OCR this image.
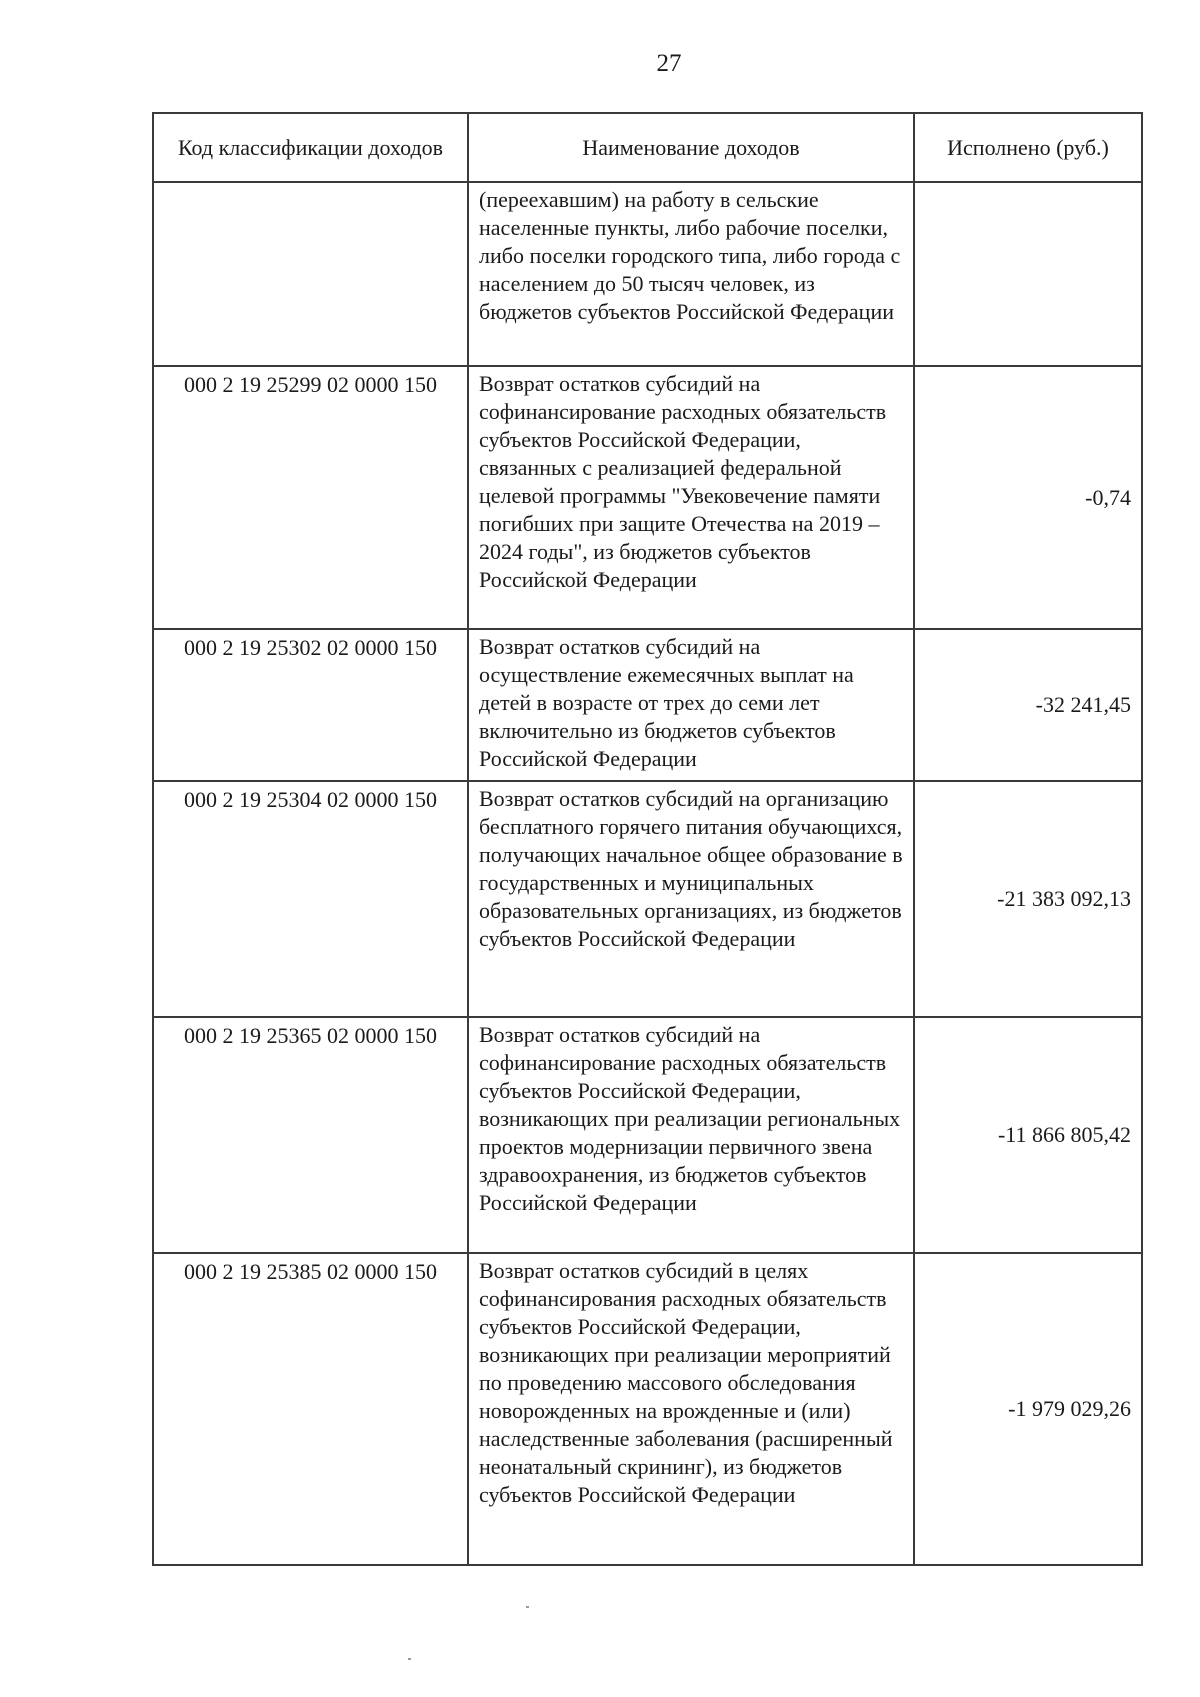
27
Код классификации доходов	Наименование доходов	Исполнено (руб.)
	(переехавшим) на работу в сельские населенные пункты, либо рабочие поселки, либо поселки городского типа, либо города с населением до 50 тысяч человек, из бюджетов субъектов Российской Федерации	
000 2 19 25299 02 0000 150	Возврат остатков субсидий на софинансирование расходных обязательств субъектов Российской Федерации, связанных с реализацией федеральной целевой программы "Увековечение памяти погибших при защите Отечества на 2019 – 2024 годы", из бюджетов субъектов Российской Федерации	-0,74
000 2 19 25302 02 0000 150	Возврат остатков субсидий на осуществление ежемесячных выплат на детей в возрасте от трех до семи лет включительно из бюджетов субъектов Российской Федерации	-32 241,45
000 2 19 25304 02 0000 150	Возврат остатков субсидий на организацию бесплатного горячего питания обучающихся, получающих начальное общее образование в государственных и муниципальных образовательных организациях, из бюджетов субъектов Российской Федерации	-21 383 092,13
000 2 19 25365 02 0000 150	Возврат остатков субсидий на софинансирование расходных обязательств субъектов Российской Федерации, возникающих при реализации региональных проектов модернизации первичного звена здравоохранения, из бюджетов субъектов Российской Федерации	-11 866 805,42
000 2 19 25385 02 0000 150	Возврат остатков субсидий в целях софинансирования расходных обязательств субъектов Российской Федерации, возникающих при реализации мероприятий по проведению массового обследования новорожденных на врожденные и (или) наследственные заболевания (расширенный неонатальный скрининг), из бюджетов субъектов Российской Федерации	-1 979 029,26
